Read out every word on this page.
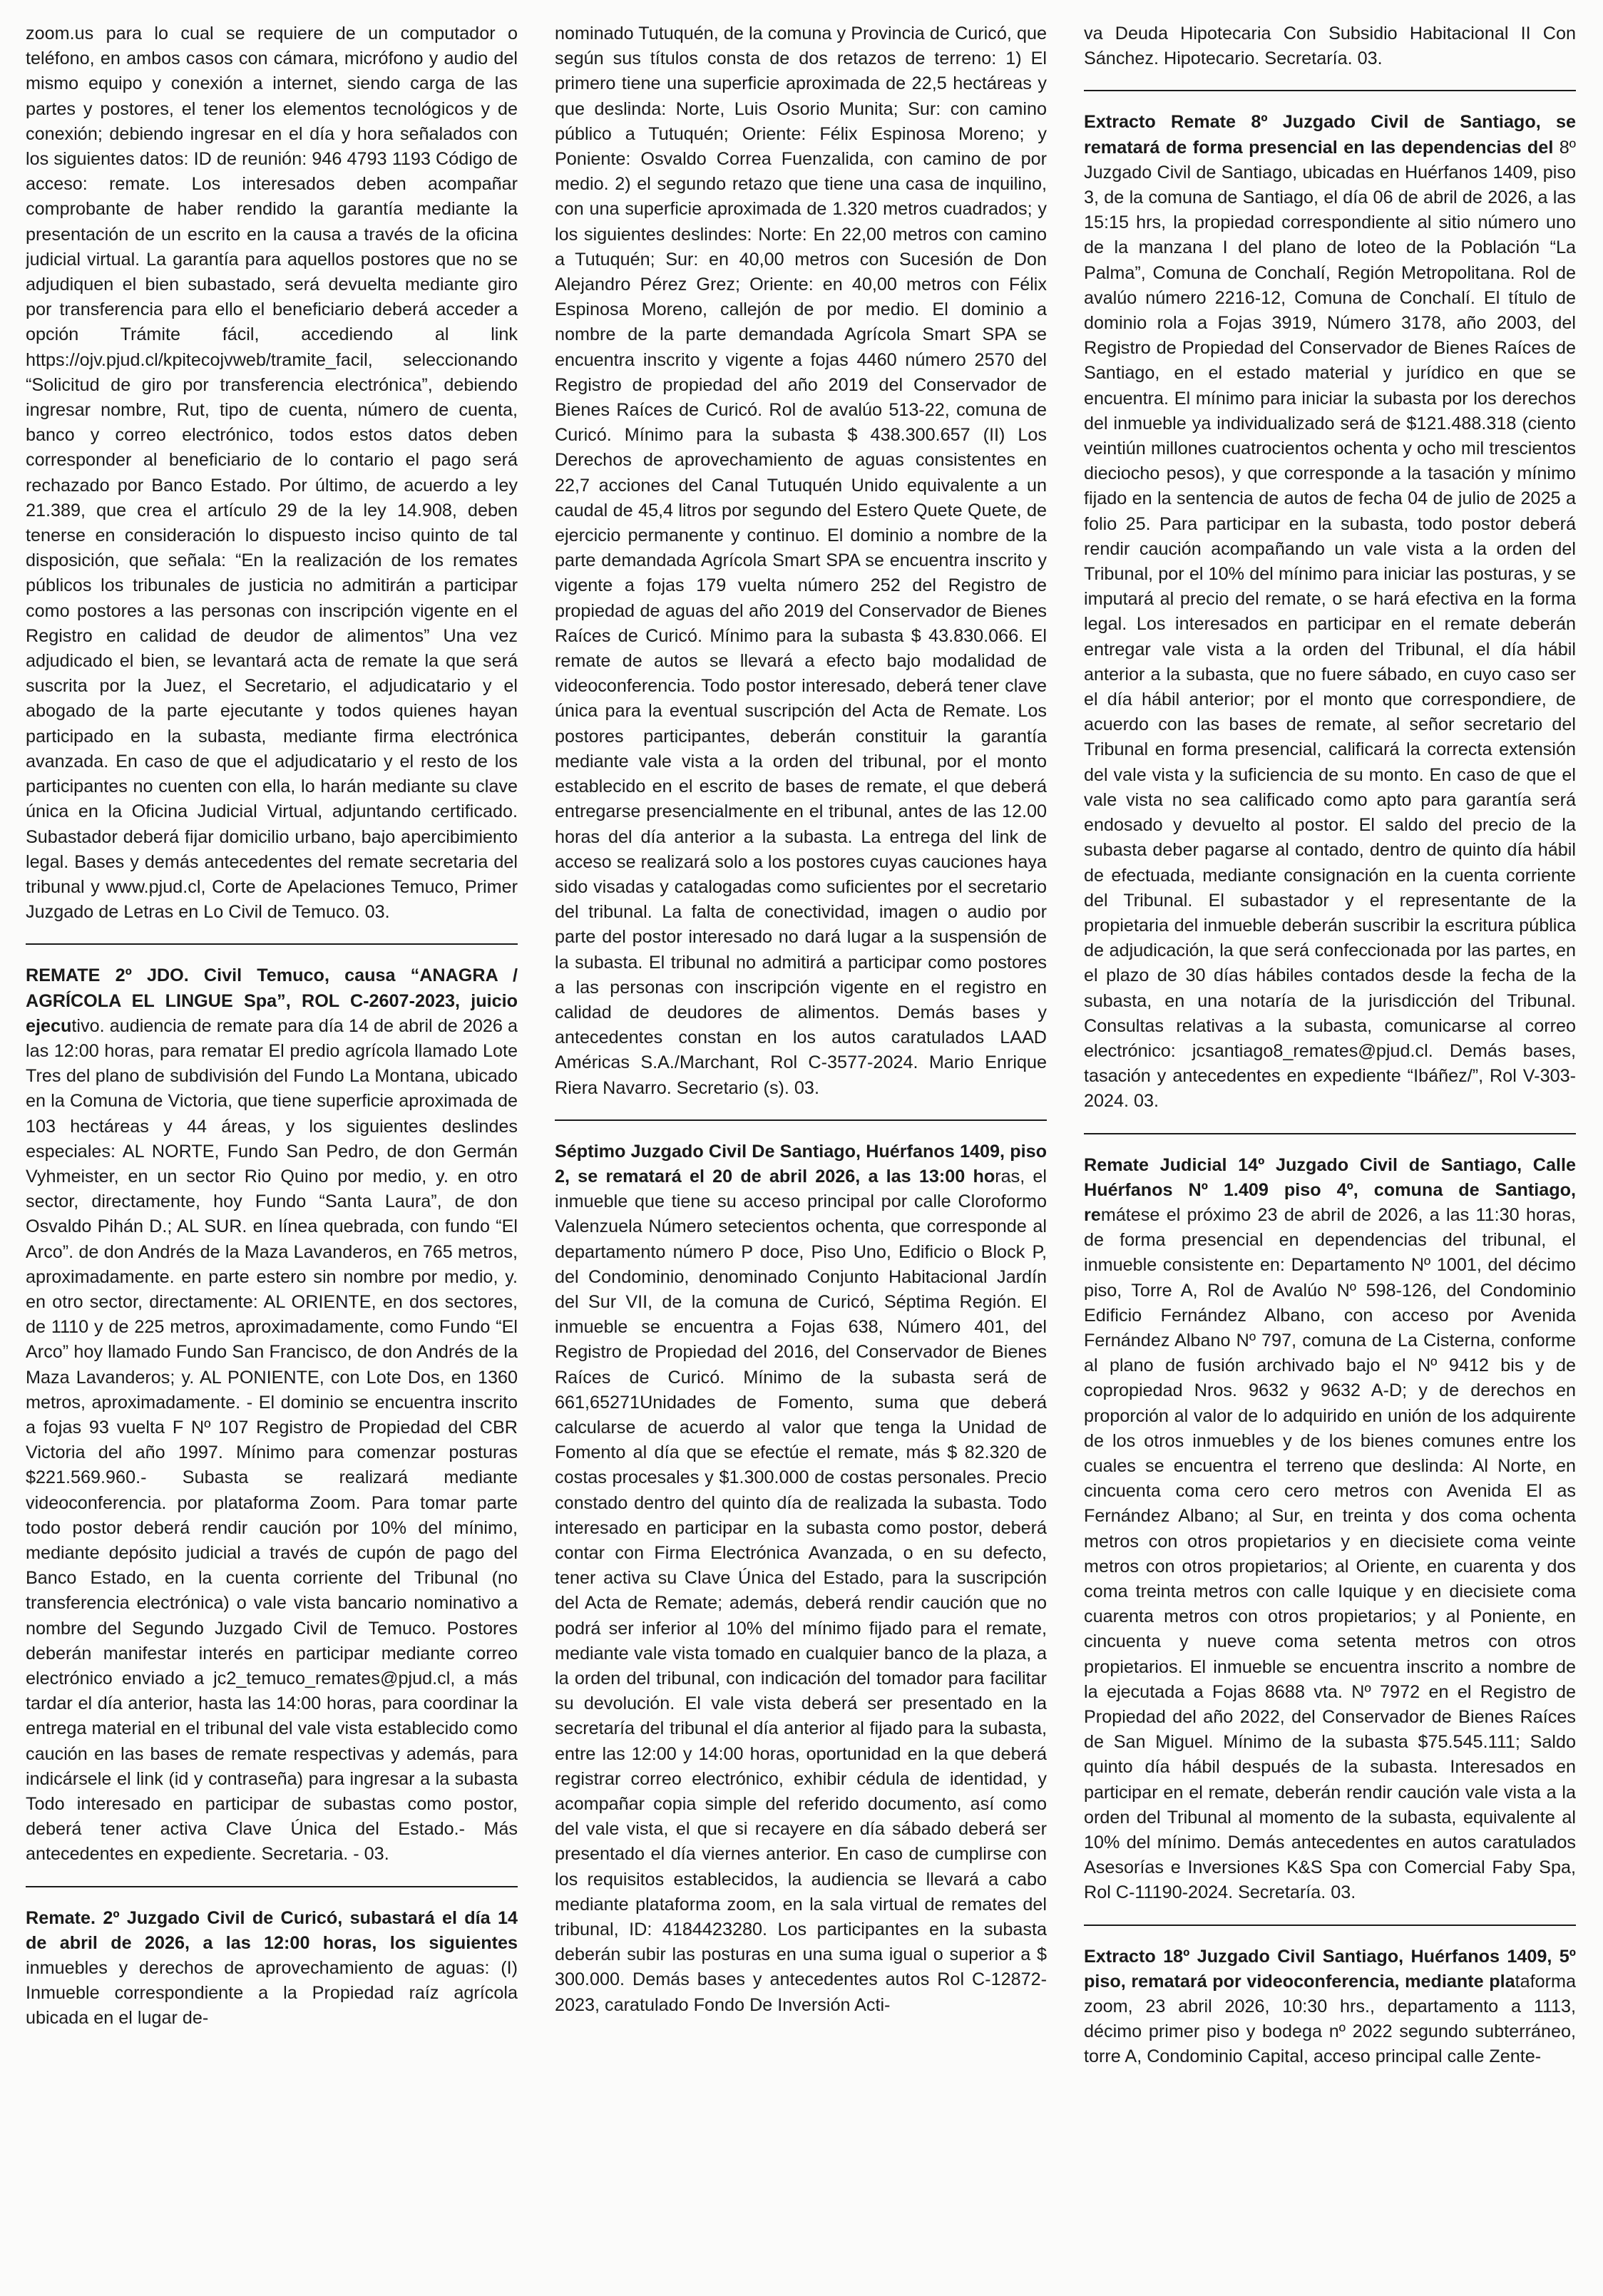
zoom.us para lo cual se requiere de un computador o teléfono, en ambos casos con cámara, micrófono y audio del mismo equipo y conexión a internet, siendo carga de las partes y postores, el tener los elementos tecnológicos y de conexión; debiendo ingresar en el día y hora señalados con los siguientes datos: ID de reunión: 946 4793 1193 Código de acceso: remate. Los interesados deben acompañar comprobante de haber rendido la garantía mediante la presentación de un escrito en la causa a través de la oficina judicial virtual. La garantía para aquellos postores que no se adjudiquen el bien subastado, será devuelta mediante giro por transferencia para ello el beneficiario deberá acceder a opción Trámite fácil, accediendo al link https://ojv.pjud.cl/kpitecojvweb/tramite_facil, seleccionando “Solicitud de giro por transferencia electrónica”, debiendo ingresar nombre, Rut, tipo de cuenta, número de cuenta, banco y correo electrónico, todos estos datos deben corresponder al beneficiario de lo contario el pago será rechazado por Banco Estado. Por último, de acuerdo a ley 21.389, que crea el artículo 29 de la ley 14.908, deben tenerse en consideración lo dispuesto inciso quinto de tal disposición, que señala: “En la realización de los remates públicos los tribunales de justicia no admitirán a participar como postores a las personas con inscripción vigente en el Registro en calidad de deudor de alimentos” Una vez adjudicado el bien, se levantará acta de remate la que será suscrita por la Juez, el Secretario, el adjudicatario y el abogado de la parte ejecutante y todos quienes hayan participado en la subasta, mediante firma electrónica avanzada. En caso de que el adjudicatario y el resto de los participantes no cuenten con ella, lo harán mediante su clave única en la Oficina Judicial Virtual, adjuntando certificado. Subastador deberá fijar domicilio urbano, bajo apercibimiento legal. Bases y demás antecedentes del remate secretaria del tribunal y www.pjud.cl, Corte de Apelaciones Temuco, Primer Juzgado de Letras en Lo Civil de Temuco. 03.

REMATE 2º JDO. Civil Temuco, causa “ANAGRA / AGRÍCOLA EL LINGUE Spa”, ROL C-2607-2023, juicio ejecutivo. audiencia de remate para día 14 de abril de 2026 a las 12:00 horas, para rematar El predio agrícola llamado Lote Tres del plano de subdivisión del Fundo La Montana, ubicado en la Comuna de Victoria, que tiene superficie aproximada de 103 hectáreas y 44 áreas, y los siguientes deslindes especiales: AL NORTE, Fundo San Pedro, de don Germán Vyhmeister, en un sector Rio Quino por medio, y. en otro sector, directamente, hoy Fundo “Santa Laura”, de don Osvaldo Pihán D.; AL SUR. en línea quebrada, con fundo “El Arco”. de don Andrés de la Maza Lavanderos, en 765 metros, aproximadamente. en parte estero sin nombre por medio, y. en otro sector, directamente: AL ORIENTE, en dos sectores, de 1110 y de 225 metros, aproximadamente, como Fundo “El Arco” hoy llamado Fundo San Francisco, de don Andrés de la Maza Lavanderos; y. AL PONIENTE, con Lote Dos, en 1360 metros, aproximadamente. - El dominio se encuentra inscrito a fojas 93 vuelta F Nº 107 Registro de Propiedad del CBR Victoria del año 1997. Mínimo para comenzar posturas $221.569.960.- Subasta se realizará mediante videoconferencia. por plataforma Zoom. Para tomar parte todo postor deberá rendir caución por 10% del mínimo, mediante depósito judicial a través de cupón de pago del Banco Estado, en la cuenta corriente del Tribunal (no transferencia electrónica) o vale vista bancario nominativo a nombre del Segundo Juzgado Civil de Temuco. Postores deberán manifestar interés en participar mediante correo electrónico enviado a jc2_temuco_remates@pjud.cl, a más tardar el día anterior, hasta las 14:00 horas, para coordinar la entrega material en el tribunal del vale vista establecido como caución en las bases de remate respectivas y además, para indicársele el link (id y contraseña) para ingresar a la subasta Todo interesado en participar de subastas como postor, deberá tener activa Clave Única del Estado.- Más antecedentes en expediente. Secretaria. - 03.

Remate. 2º Juzgado Civil de Curicó, subastará el día 14 de abril de 2026, a las 12:00 horas, los siguientes inmuebles y derechos de aprovechamiento de aguas: (I) Inmueble correspondiente a la Propiedad raíz agrícola ubicada en el lugar de-

nominado Tutuquén, de la comuna y Provincia de Curicó, que según sus títulos consta de dos retazos de terreno: 1) El primero tiene una superficie aproximada de 22,5 hectáreas y que deslinda: Norte, Luis Osorio Munita; Sur: con camino público a Tutuquén; Oriente: Félix Espinosa Moreno; y Poniente: Osvaldo Correa Fuenzalida, con camino de por medio. 2) el segundo retazo que tiene una casa de inquilino, con una superficie aproximada de 1.320 metros cuadrados; y los siguientes deslindes: Norte: En 22,00 metros con camino a Tutuquén; Sur: en 40,00 metros con Sucesión de Don Alejandro Pérez Grez; Oriente: en 40,00 metros con Félix Espinosa Moreno, callejón de por medio. El dominio a nombre de la parte demandada Agrícola Smart SPA se encuentra inscrito y vigente a fojas 4460 número 2570 del Registro de propiedad del año 2019 del Conservador de Bienes Raíces de Curicó. Rol de avalúo 513-22, comuna de Curicó. Mínimo para la subasta $ 438.300.657 (II) Los Derechos de aprovechamiento de aguas consistentes en 22,7 acciones del Canal Tutuquén Unido equivalente a un caudal de 45,4 litros por segundo del Estero Quete Quete, de ejercicio permanente y continuo. El dominio a nombre de la parte demandada Agrícola Smart SPA se encuentra inscrito y vigente a fojas 179 vuelta número 252 del Registro de propiedad de aguas del año 2019 del Conservador de Bienes Raíces de Curicó. Mínimo para la subasta $ 43.830.066. El remate de autos se llevará a efecto bajo modalidad de videoconferencia. Todo postor interesado, deberá tener clave única para la eventual suscripción del Acta de Remate. Los postores participantes, deberán constituir la garantía mediante vale vista a la orden del tribunal, por el monto establecido en el escrito de bases de remate, el que deberá entregarse presencialmente en el tribunal, antes de las 12.00 horas del día anterior a la subasta. La entrega del link de acceso se realizará solo a los postores cuyas cauciones haya sido visadas y catalogadas como suficientes por el secretario del tribunal. La falta de conectividad, imagen o audio por parte del postor interesado no dará lugar a la suspensión de la subasta. El tribunal no admitirá a participar como postores a las personas con inscripción vigente en el registro en calidad de deudores de alimentos. Demás bases y antecedentes constan en los autos caratulados LAAD Américas S.A./Marchant, Rol C-3577-2024. Mario Enrique Riera Navarro. Secretario (s). 03.

Séptimo Juzgado Civil De Santiago, Huérfanos 1409, piso 2, se rematará el 20 de abril 2026, a las 13:00 horas, el inmueble que tiene su acceso principal por calle Cloroformo Valenzuela Número setecientos ochenta, que corresponde al departamento número P doce, Piso Uno, Edificio o Block P, del Condominio, denominado Conjunto Habitacional Jardín del Sur VII, de la comuna de Curicó, Séptima Región. El inmueble se encuentra a Fojas 638, Número 401, del Registro de Propiedad del 2016, del Conservador de Bienes Raíces de Curicó. Mínimo de la subasta será de 661,65271Unidades de Fomento, suma que deberá calcularse de acuerdo al valor que tenga la Unidad de Fomento al día que se efectúe el remate, más $ 82.320 de costas procesales y $1.300.000 de costas personales. Precio constado dentro del quinto día de realizada la subasta. Todo interesado en participar en la subasta como postor, deberá contar con Firma Electrónica Avanzada, o en su defecto, tener activa su Clave Única del Estado, para la suscripción del Acta de Remate; además, deberá rendir caución que no podrá ser inferior al 10% del mínimo fijado para el remate, mediante vale vista tomado en cualquier banco de la plaza, a la orden del tribunal, con indicación del tomador para facilitar su devolución. El vale vista deberá ser presentado en la secretaría del tribunal el día anterior al fijado para la subasta, entre las 12:00 y 14:00 horas, oportunidad en la que deberá registrar correo electrónico, exhibir cédula de identidad, y acompañar copia simple del referido documento, así como del vale vista, el que si recayere en día sábado deberá ser presentado el día viernes anterior. En caso de cumplirse con los requisitos establecidos, la audiencia se llevará a cabo mediante plataforma zoom, en la sala virtual de remates del tribunal, ID: 4184423280. Los participantes en la subasta deberán subir las posturas en una suma igual o superior a $ 300.000. Demás bases y antecedentes autos Rol C-12872-2023, caratulado Fondo De Inversión Acti-

va Deuda Hipotecaria Con Subsidio Habitacional II Con Sánchez. Hipotecario. Secretaría. 03.

Extracto Remate 8º Juzgado Civil de Santiago, se rematará de forma presencial en las dependencias del 8º Juzgado Civil de Santiago, ubicadas en Huérfanos 1409, piso 3, de la comuna de Santiago, el día 06 de abril de 2026, a las 15:15 hrs, la propiedad correspondiente al sitio número uno de la manzana I del plano de loteo de la Población “La Palma”, Comuna de Conchalí, Región Metropolitana. Rol de avalúo número 2216-12, Comuna de Conchalí. El título de dominio rola a Fojas 3919, Número 3178, año 2003, del Registro de Propiedad del Conservador de Bienes Raíces de Santiago, en el estado material y jurídico en que se encuentra. El mínimo para iniciar la subasta por los derechos del inmueble ya individualizado será de $121.488.318 (ciento veintiún millones cuatrocientos ochenta y ocho mil trescientos dieciocho pesos), y que corresponde a la tasación y mínimo fijado en la sentencia de autos de fecha 04 de julio de 2025 a folio 25. Para participar en la subasta, todo postor deberá rendir caución acompañando un vale vista a la orden del Tribunal, por el 10% del mínimo para iniciar las posturas, y se imputará al precio del remate, o se hará efectiva en la forma legal. Los interesados en participar en el remate deberán entregar vale vista a la orden del Tribunal, el día hábil anterior a la subasta, que no fuere sábado, en cuyo caso ser el día hábil anterior; por el monto que correspondiere, de acuerdo con las bases de remate, al señor secretario del Tribunal en forma presencial, calificará la correcta extensión del vale vista y la suficiencia de su monto. En caso de que el vale vista no sea calificado como apto para garantía será endosado y devuelto al postor. El saldo del precio de la subasta deber pagarse al contado, dentro de quinto día hábil de efectuada, mediante consignación en la cuenta corriente del Tribunal. El subastador y el representante de la propietaria del inmueble deberán suscribir la escritura pública de adjudicación, la que será confeccionada por las partes, en el plazo de 30 días hábiles contados desde la fecha de la subasta, en una notaría de la jurisdicción del Tribunal. Consultas relativas a la subasta, comunicarse al correo electrónico: jcsantiago8_remates@pjud.cl. Demás bases, tasación y antecedentes en expediente “Ibáñez/”, Rol V-303-2024. 03.

Remate Judicial 14º Juzgado Civil de Santiago, Calle Huérfanos Nº 1.409 piso 4º, comuna de Santiago, remátese el próximo 23 de abril de 2026, a las 11:30 horas, de forma presencial en dependencias del tribunal, el inmueble consistente en: Departamento Nº 1001, del décimo piso, Torre A, Rol de Avalúo Nº 598-126, del Condominio Edificio Fernández Albano, con acceso por Avenida Fernández Albano Nº 797, comuna de La Cisterna, conforme al plano de fusión archivado bajo el Nº 9412 bis y de copropiedad Nros. 9632 y 9632 A-D; y de derechos en proporción al valor de lo adquirido en unión de los adquirente de los otros inmuebles y de los bienes comunes entre los cuales se encuentra el terreno que deslinda: Al Norte, en cincuenta coma cero cero metros con Avenida El as Fernández Albano; al Sur, en treinta y dos coma ochenta metros con otros propietarios y en diecisiete coma veinte metros con otros propietarios; al Oriente, en cuarenta y dos coma treinta metros con calle Iquique y en diecisiete coma cuarenta metros con otros propietarios; y al Poniente, en cincuenta y nueve coma setenta metros con otros propietarios. El inmueble se encuentra inscrito a nombre de la ejecutada a Fojas 8688 vta. Nº 7972 en el Registro de Propiedad del año 2022, del Conservador de Bienes Raíces de San Miguel. Mínimo de la subasta $75.545.111; Saldo quinto día hábil después de la subasta. Interesados en participar en el remate, deberán rendir caución vale vista a la orden del Tribunal al momento de la subasta, equivalente al 10% del mínimo. Demás antecedentes en autos caratulados Asesorías e Inversiones K&S Spa con Comercial Faby Spa, Rol C-11190-2024. Secretaría. 03.

Extracto 18º Juzgado Civil Santiago, Huérfanos 1409, 5º piso, rematará por videoconferencia, mediante plataforma zoom, 23 abril 2026, 10:30 hrs., departamento a 1113, décimo primer piso y bodega nº 2022 segundo subterráneo, torre A, Condominio Capital, acceso principal calle Zente-
